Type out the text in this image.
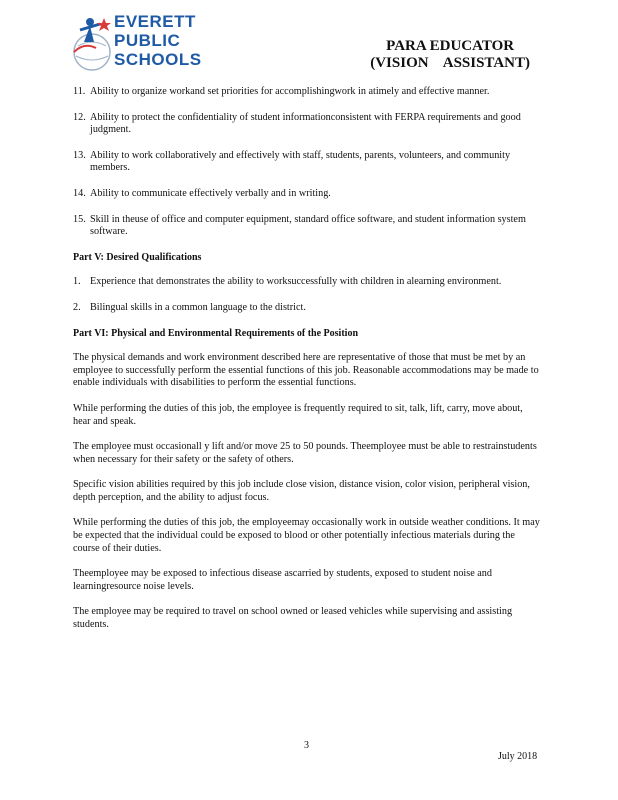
EVERETT
PUBLIC
SCHOOLS
PARA EDUCATOR
(VISION    ASSISTANT)
11. Ability to organize workand set priorities for accomplishingwork in atimely and effective manner.
12. Ability to protect the confidentiality of student informationconsistent with FERPA requirements and good judgment.
13. Ability to work collaboratively and effectively with staff, students, parents, volunteers, and community members.
14. Ability to communicate effectively verbally and in writing.
15. Skill in theuse of office and computer equipment, standard office software, and student information system software.
Part V: Desired Qualifications
1. Experience that demonstrates the ability to worksuccessfully with children in alearning environment.
2. Bilingual skills in a common language to the district.
Part VI: Physical and Environmental Requirements of the Position
The physical demands and work environment described here are representative of those that must be met by an employee to successfully perform the essential functions of this job. Reasonable accommodations may be made to enable individuals with disabilities to perform the essential functions.
While performing the duties of this job, the employee is frequently required to sit, talk, lift, carry, move about, hear and speak.
The employee must occasionall y lift and/or move 25 to 50 pounds. Theemployee must be able to restrainstudents when necessary for their safety or the safety of others.
Specific vision abilities required by this job include close vision, distance vision, color vision, peripheral vision, depth perception, and the ability to adjust focus.
While performing the duties of this job, the employeemay occasionally work in outside weather conditions. It may be expected that the individual could be exposed to blood or other potentially infectious materials during the course of their duties.
Theemployee may be exposed to infectious disease ascarried by students, exposed to student noise and learningresource noise levels.
The employee may be required to travel on school owned or leased vehicles while supervising and assisting students.
3
July 2018
